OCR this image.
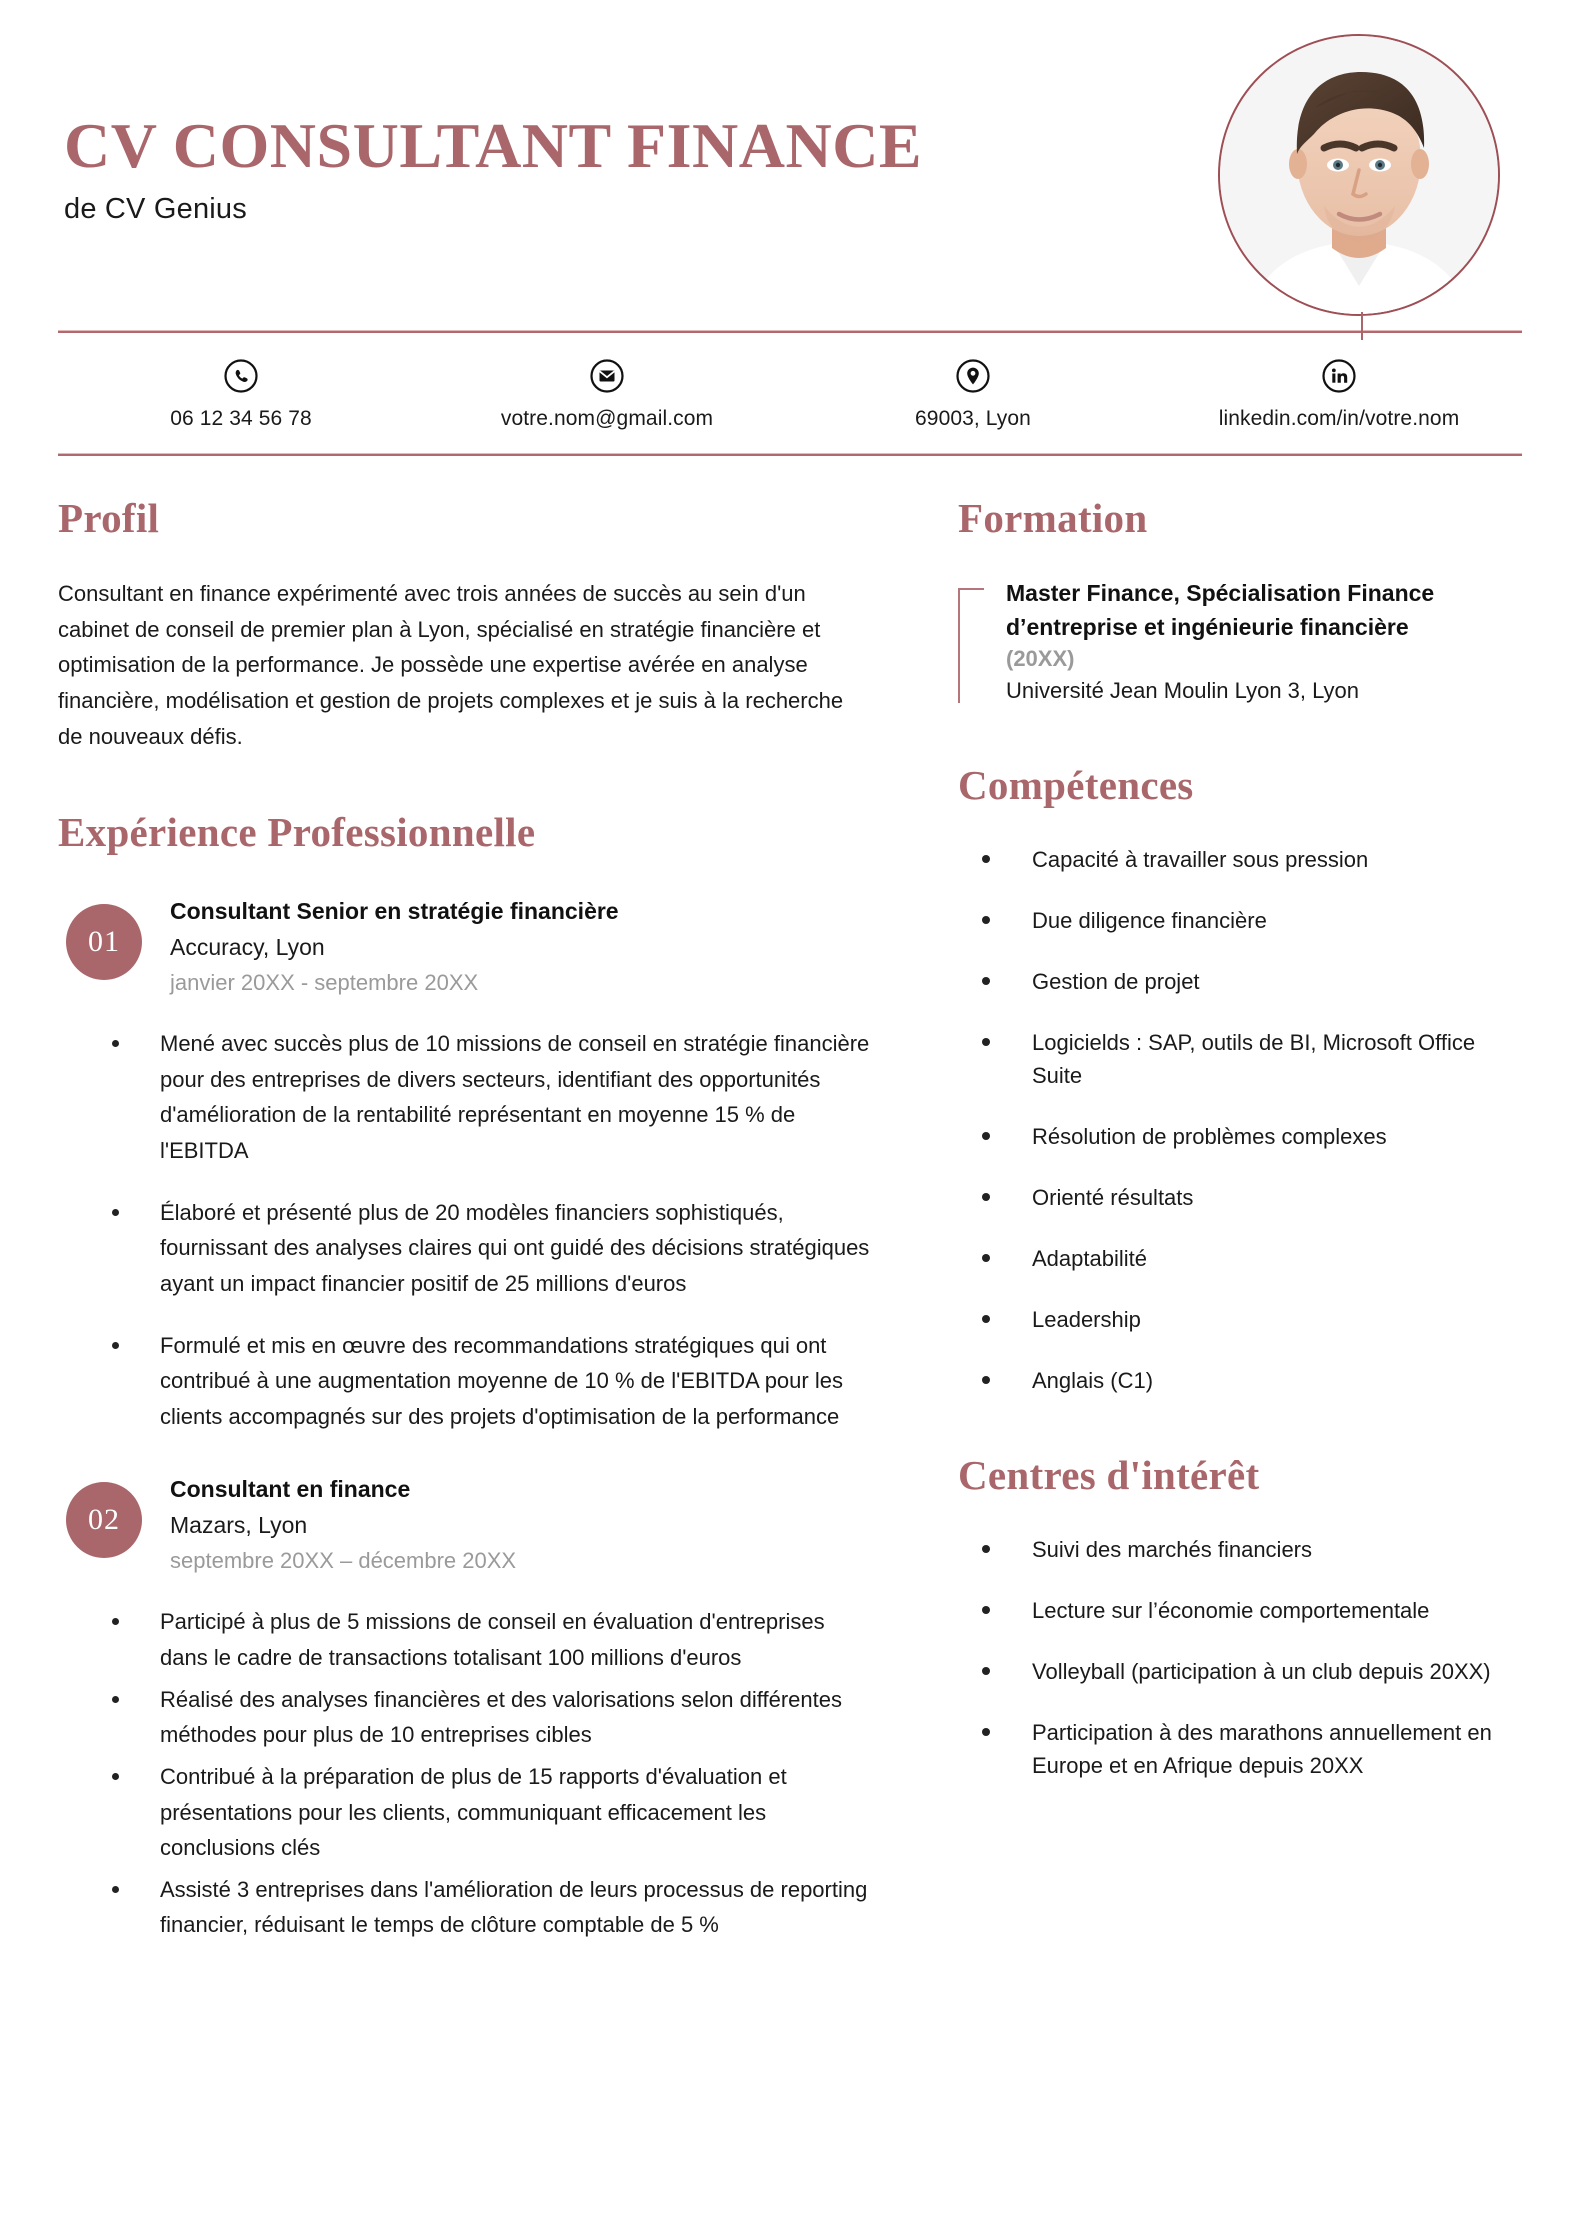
CV CONSULTANT FINANCE
de CV Genius
06 12 34 56 78	votre.nom@gmail.com	69003, Lyon	linkedin.com/in/votre.nom
Profil
Consultant en finance expérimenté avec trois années de succès au sein d'un cabinet de conseil de premier plan à Lyon, spécialisé en stratégie financière et optimisation de la performance. Je possède une expertise avérée en analyse financière, modélisation et gestion de projets complexes et je suis à la recherche de nouveaux défis.
Expérience Professionnelle
01
Consultant Senior en stratégie financière
Accuracy, Lyon
janvier 20XX - septembre 20XX
Mené avec succès plus de 10 missions de conseil en stratégie financière pour des entreprises de divers secteurs, identifiant des opportunités d'amélioration de la rentabilité représentant en moyenne 15 % de l'EBITDA
Élaboré et présenté plus de 20 modèles financiers sophistiqués, fournissant des analyses claires qui ont guidé des décisions stratégiques ayant un impact financier positif de 25 millions d'euros
Formulé et mis en œuvre des recommandations stratégiques qui ont contribué à une augmentation moyenne de 10 % de l'EBITDA pour les clients accompagnés sur des projets d'optimisation de la performance
02
Consultant en finance
Mazars, Lyon
septembre 20XX – décembre 20XX
Participé à plus de 5 missions de conseil en évaluation d'entreprises dans le cadre de transactions totalisant 100 millions d'euros
Réalisé des analyses financières et des valorisations selon différentes méthodes pour plus de 10 entreprises cibles
Contribué à la préparation de plus de 15 rapports d'évaluation et présentations pour les clients, communiquant efficacement les conclusions clés
Assisté 3 entreprises dans l'amélioration de leurs processus de reporting financier, réduisant le temps de clôture comptable de 5 %
Formation
Master Finance, Spécialisation Finance d’entreprise et ingénieurie financière
(20XX)
Université Jean Moulin Lyon 3, Lyon
Compétences
Capacité à travailler sous pression
Due diligence financière
Gestion de projet
Logicields : SAP, outils de BI, Microsoft Office Suite
Résolution de problèmes complexes
Orienté résultats
Adaptabilité
Leadership
Anglais (C1)
Centres d'intérêt
Suivi des marchés financiers
Lecture sur l’économie comportementale
Volleyball (participation à un club depuis 20XX)
Participation à des marathons annuellement en Europe et en Afrique depuis 20XX
